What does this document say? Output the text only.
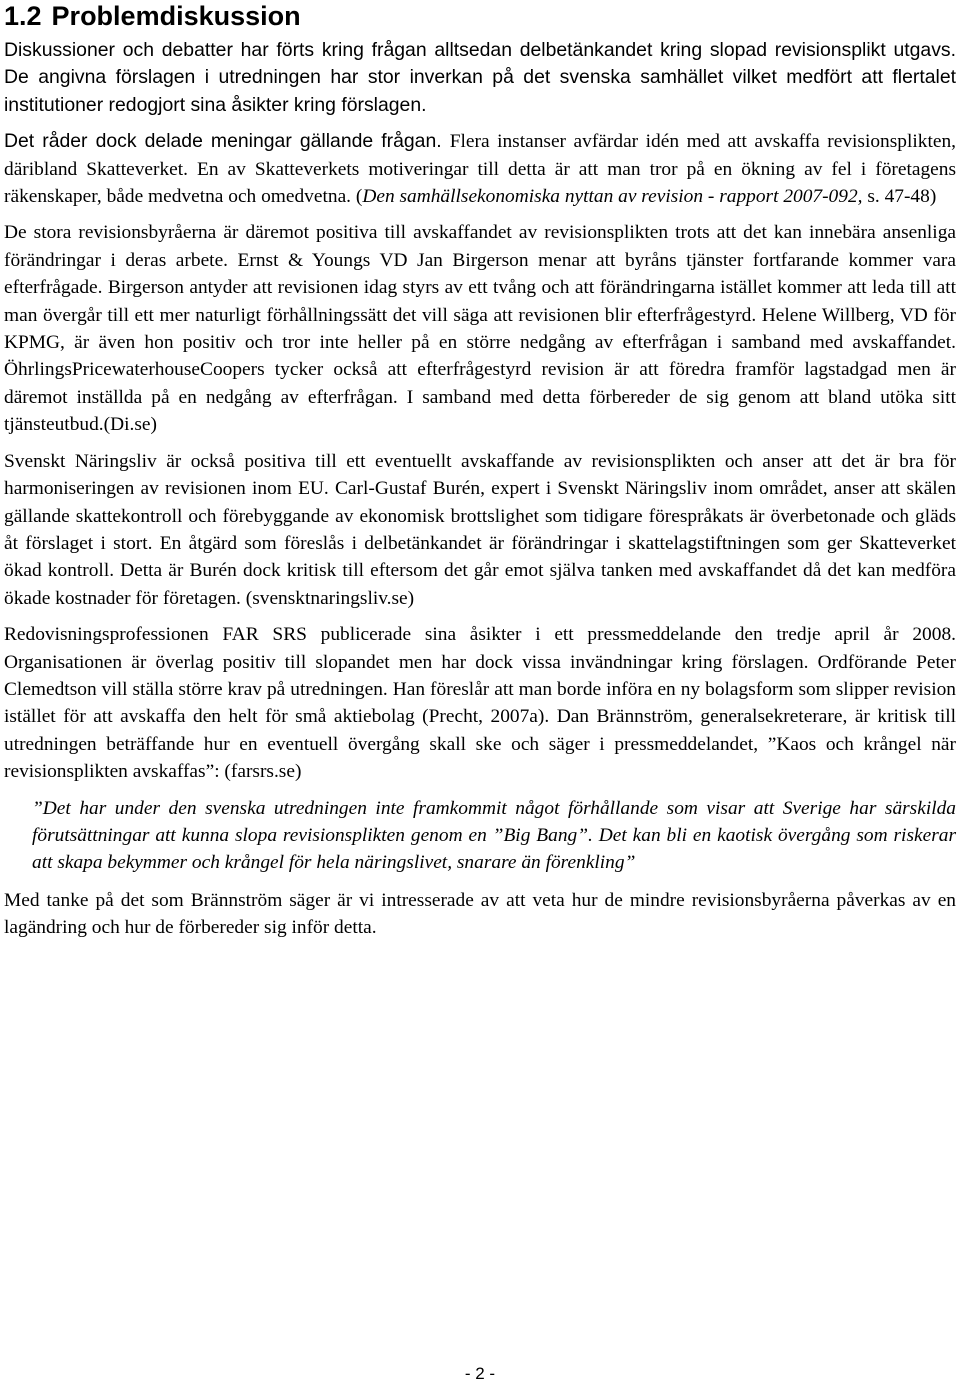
1.2 Problemdiskussion

Diskussioner och debatter har förts kring frågan alltsedan delbetänkandet kring slopad revisionsplikt utgavs. De angivna förslagen i utredningen har stor inverkan på det svenska samhället vilket medfört att flertalet institutioner redogjort sina åsikter kring förslagen.

Det råder dock delade meningar gällande frågan. Flera instanser avfärdar idén med att avskaffa revisionsplikten, däribland Skatteverket. En av Skatteverkets motiveringar till detta är att man tror på en ökning av fel i företagens räkenskaper, både medvetna och omedvetna. (Den samhällsekonomiska nyttan av revision - rapport 2007-092, s. 47-48)

De stora revisionsbyråerna är däremot positiva till avskaffandet av revisionsplikten trots att det kan innebära ansenliga förändringar i deras arbete. Ernst & Youngs VD Jan Birgerson menar att byråns tjänster fortfarande kommer vara efterfrågade. Birgerson antyder att revisionen idag styrs av ett tvång och att förändringarna istället kommer att leda till att man övergår till ett mer naturligt förhållningssätt det vill säga att revisionen blir efterfrågestyrd. Helene Willberg, VD för KPMG, är även hon positiv och tror inte heller på en större nedgång av efterfrågan i samband med avskaffandet. ÖhrlingsPricewaterhouseCoopers tycker också att efterfrågestyrd revision är att föredra framför lagstadgad men är däremot inställda på en nedgång av efterfrågan. I samband med detta förbereder de sig genom att bland utöka sitt tjänsteutbud.(Di.se)

Svenskt Näringsliv är också positiva till ett eventuellt avskaffande av revisionsplikten och anser att det är bra för harmoniseringen av revisionen inom EU. Carl-Gustaf Burén, expert i Svenskt Näringsliv inom området, anser att skälen gällande skattekontroll och förebyggande av ekonomisk brottslighet som tidigare förespråkats är överbetonade och gläds åt förslaget i stort. En åtgärd som föreslås i delbetänkandet är förändringar i skattelagstiftningen som ger Skatteverket ökad kontroll. Detta är Burén dock kritisk till eftersom det går emot själva tanken med avskaffandet då det kan medföra ökade kostnader för företagen. (svensktnaringsliv.se)

Redovisningsprofessionen FAR SRS publicerade sina åsikter i ett pressmeddelande den tredje april år 2008. Organisationen är överlag positiv till slopandet men har dock vissa invändningar kring förslagen. Ordförande Peter Clemedtson vill ställa större krav på utredningen. Han föreslår att man borde införa en ny bolagsform som slipper revision istället för att avskaffa den helt för små aktiebolag (Precht, 2007a). Dan Brännström, generalsekreterare, är kritisk till utredningen beträffande hur en eventuell övergång skall ske och säger i pressmeddelandet, ”Kaos och krångel när revisionsplikten avskaffas”: (farsrs.se)

”Det har under den svenska utredningen inte framkommit något förhållande som visar att Sverige har särskilda förutsättningar att kunna slopa revisionsplikten genom en ”Big Bang”. Det kan bli en kaotisk övergång som riskerar att skapa bekymmer och krångel för hela näringslivet, snarare än förenkling”

Med tanke på det som Brännström säger är vi intresserade av att veta hur de mindre revisionsbyråerna påverkas av en lagändring och hur de förbereder sig inför detta.

- 2 -
